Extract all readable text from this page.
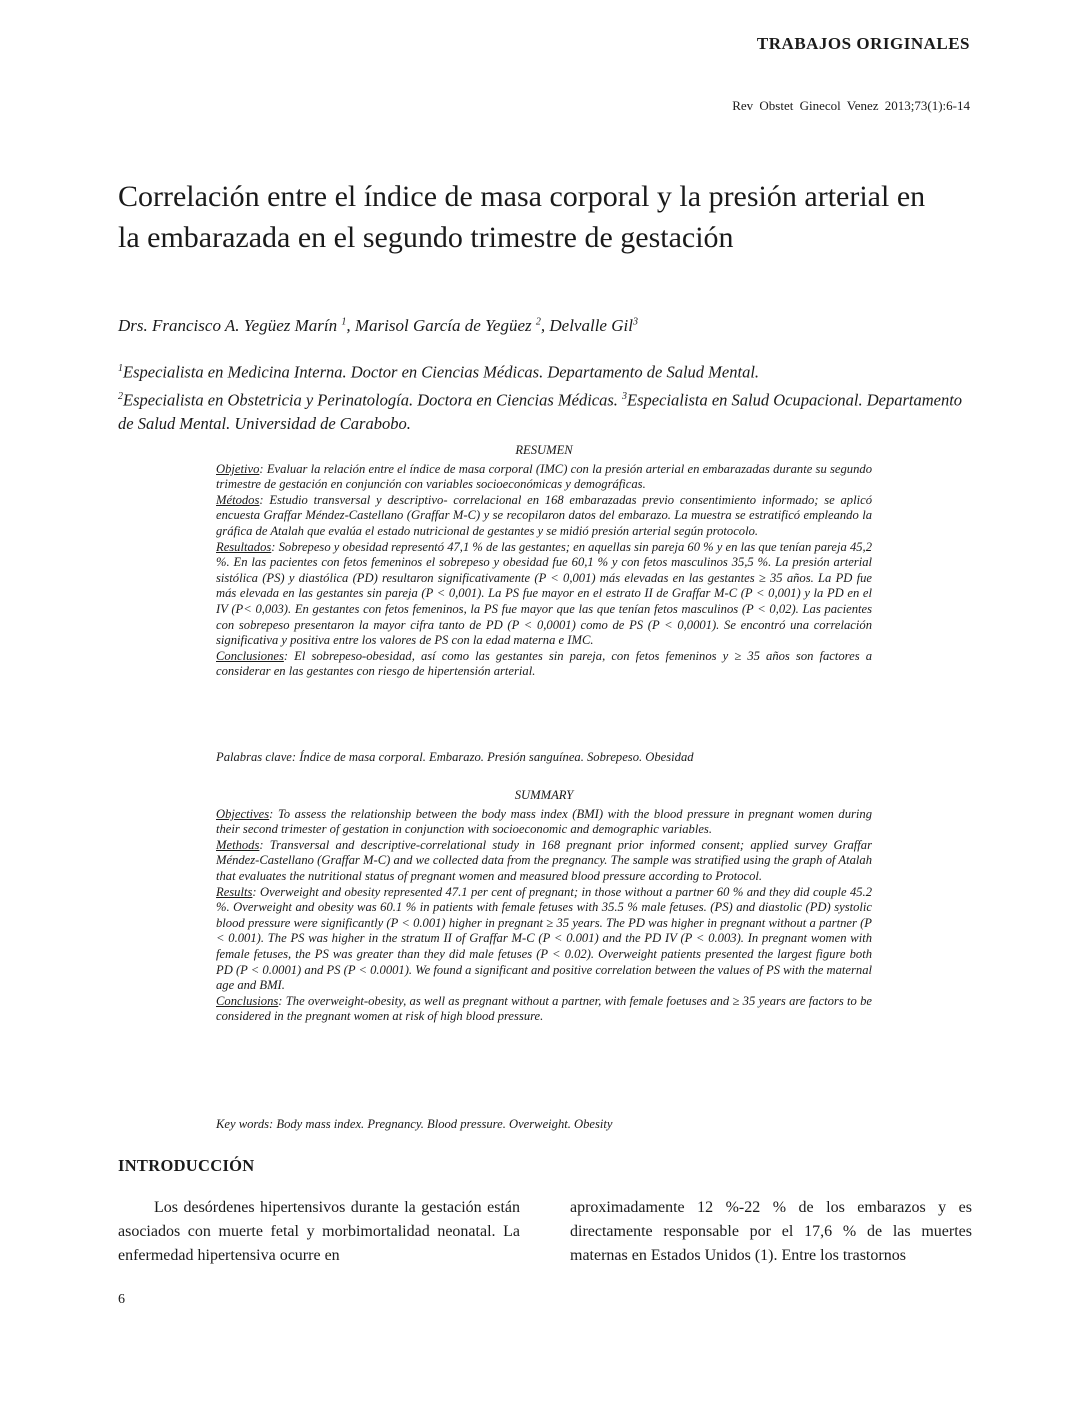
TRABAJOS ORIGINALES
Rev Obstet Ginecol Venez 2013;73(1):6-14
Correlación entre el índice de masa corporal y la presión arterial en la embarazada en el segundo trimestre de gestación
Drs. Francisco A. Yegüez Marín $^1$, Marisol García de Yegüez $^2$, Delvalle Gil$^3$
$^1$Especialista en Medicina Interna. Doctor en Ciencias Médicas. Departamento de Salud Mental.
$^2$Especialista en Obstetricia y Perinatología. Doctora en Ciencias Médicas. $^3$Especialista en Salud Ocupacional. Departamento de Salud Mental. Universidad de Carabobo.
RESUMEN

Objetivo: Evaluar la relación entre el índice de masa corporal (IMC) con la presión arterial en embarazadas durante su segundo trimestre de gestación en conjunción con variables socioeconómicas y demográficas.

Métodos: Estudio transversal y descriptivo- correlacional en 168 embarazadas previo consentimiento informado; se aplicó encuesta Graffar Méndez-Castellano (Graffar M-C) y se recopilaron datos del embarazo. La muestra se estratificó empleando la gráfica de Atalah que evalúa el estado nutricional de gestantes y se midió presión arterial según protocolo.

Resultados: Sobrepeso y obesidad representó 47,1 % de las gestantes; en aquellas sin pareja 60 % y en las que tenían pareja 45,2 %. En las pacientes con fetos femeninos el sobrepeso y obesidad fue 60,1 % y con fetos masculinos 35,5 %. La presión arterial sistólica (PS) y diastólica (PD) resultaron significativamente (P < 0,001) más elevadas en las gestantes ≥ 35 años. La PD fue más elevada en las gestantes sin pareja (P < 0,001). La PS fue mayor en el estrato II de Graffar M-C (P < 0,001) y la PD en el IV (P< 0,003). En gestantes con fetos femeninos, la PS fue mayor que las que tenían fetos masculinos (P < 0,02). Las pacientes con sobrepeso presentaron la mayor cifra tanto de PD (P < 0,0001) como de PS (P < 0,0001). Se encontró una correlación significativa y positiva entre los valores de PS con la edad materna e IMC.

Conclusiones: El sobrepeso-obesidad, así como las gestantes sin pareja, con fetos femeninos y ≥ 35 años son factores a considerar en las gestantes con riesgo de hipertensión arterial.

Palabras clave: Índice de masa corporal. Embarazo. Presión sanguínea. Sobrepeso. Obesidad
SUMMARY

Objectives: To assess the relationship between the body mass index (BMI) with the blood pressure in pregnant women during their second trimester of gestation in conjunction with socioeconomic and demographic variables.

Methods: Transversal and descriptive-correlational study in 168 pregnant prior informed consent; applied survey Graffar Méndez-Castellano (Graffar M-C) and we collected data from the pregnancy. The sample was stratified using the graph of Atalah that evaluates the nutritional status of pregnant women and measured blood pressure according to Protocol.

Results: Overweight and obesity represented 47.1 per cent of pregnant; in those without a partner 60 % and they did couple 45.2 %. Overweight and obesity was 60.1 % in patients with female fetuses with 35.5 % male fetuses. (PS) and diastolic (PD) systolic blood pressure were significantly (P < 0.001) higher in pregnant ≥ 35 years. The PD was higher in pregnant without a partner (P < 0.001). The PS was higher in the stratum II of Graffar M-C (P < 0.001) and the PD IV (P < 0.003). In pregnant women with female fetuses, the PS was greater than they did male fetuses (P < 0.02). Overweight patients presented the largest figure both PD (P < 0.0001) and PS (P < 0.0001). We found a significant and positive correlation between the values of PS with the maternal age and BMI.

Conclusions: The overweight-obesity, as well as pregnant without a partner, with female foetuses and ≥ 35 years are factors to be considered in the pregnant women at risk of high blood pressure.

Key words: Body mass index. Pregnancy. Blood pressure. Overweight. Obesity
INTRODUCCIÓN
Los desórdenes hipertensivos durante la gestación están asociados con muerte fetal y morbimortalidad neonatal. La enfermedad hipertensiva ocurre en
aproximadamente 12 %-22 % de los embarazos y es directamente responsable por el 17,6 % de las muertes maternas en Estados Unidos (1). Entre los trastornos
6
